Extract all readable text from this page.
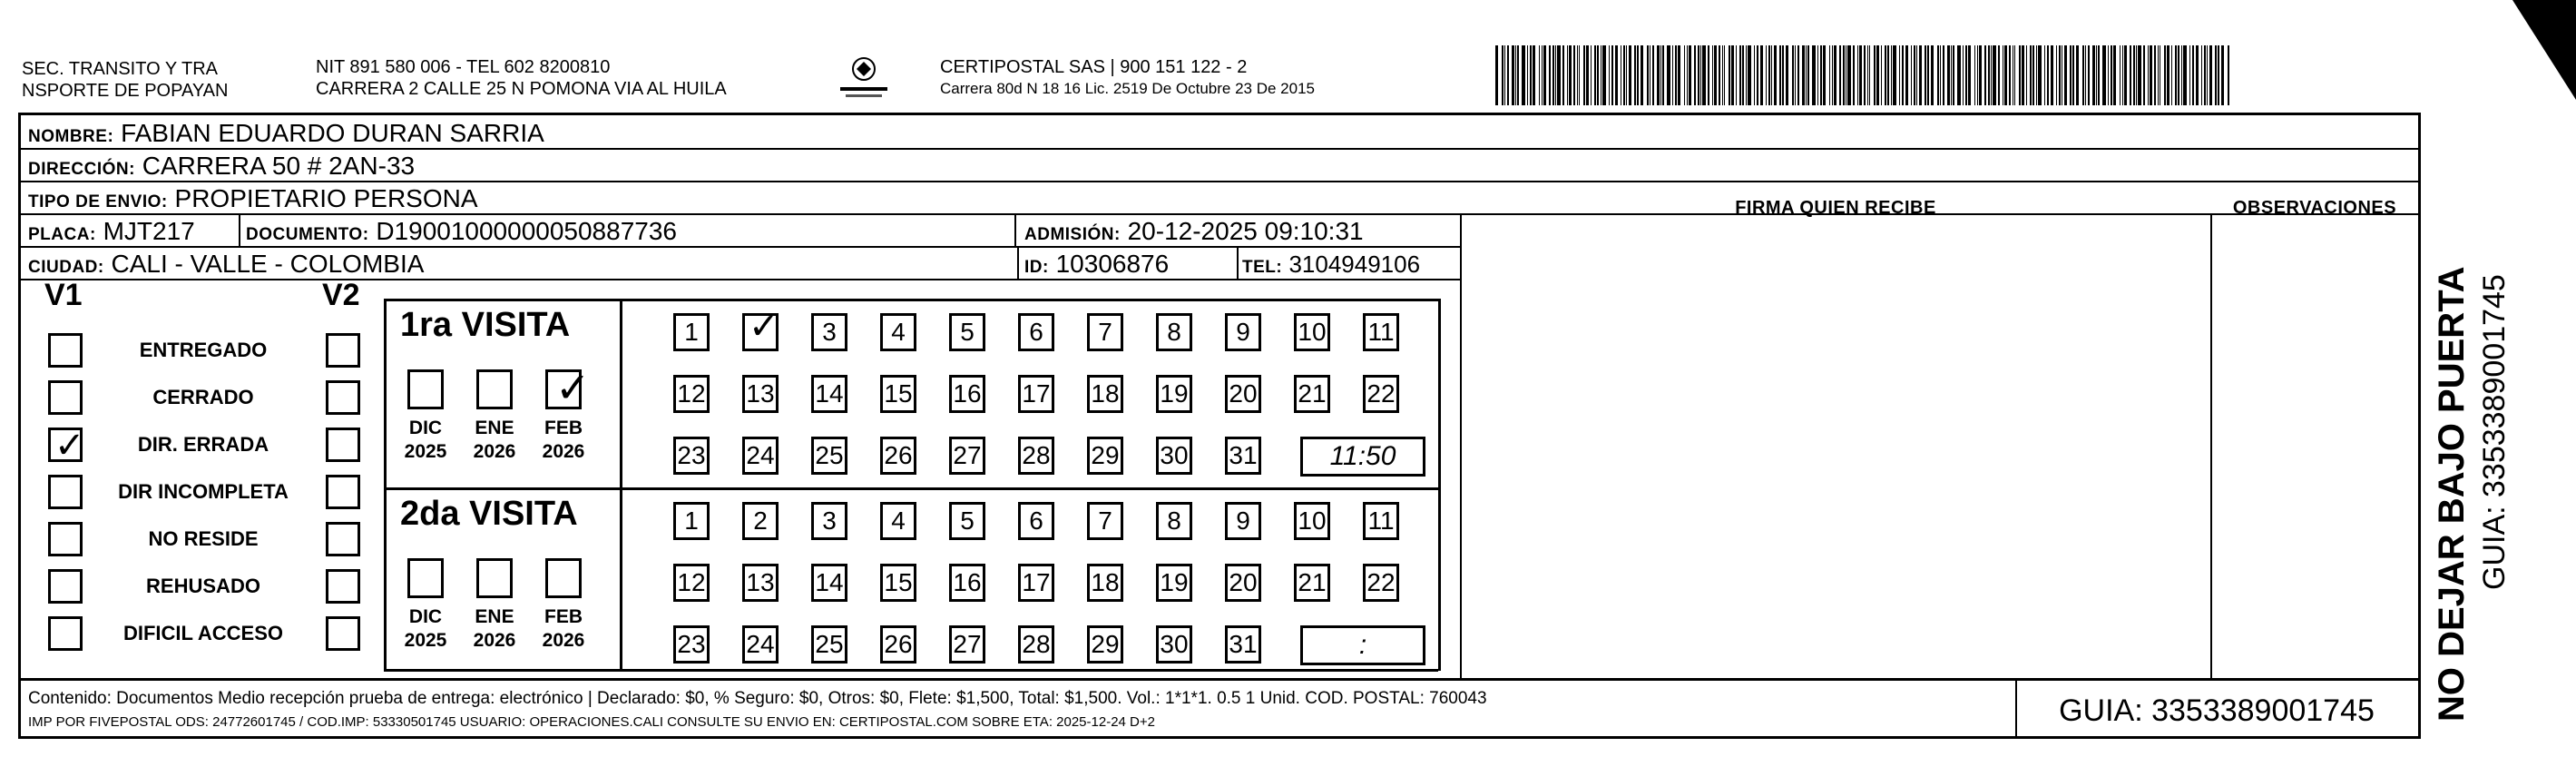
SEC. TRANSITO Y TRA
NSPORTE DE POPAYAN
NIT 891 580 006 - TEL 602 8200810
CARRERA 2 CALLE 25 N POMONA VIA AL HUILA
CERTIPOSTAL SAS | 900 151 122 - 2
Carrera 80d N 18 16 Lic. 2519 De Octubre 23 De 2015
NOMBRE: FABIAN EDUARDO DURAN SARRIA
DIRECCIÓN: CARRERA 50 # 2AN-33
TIPO DE ENVIO: PROPIETARIO PERSONA	FIRMA QUIEN RECIBE	OBSERVACIONES
PLACA: MJT217	DOCUMENTO: D19001000000050887736	ADMISIÓN: 20-12-2025 09:10:31
CIUDAD: CALI - VALLE - COLOMBIA	ID: 10306876	TEL: 3104949106
V1	V2
ENTREGADO
CERRADO
✓
DIR. ERRADA
DIR INCOMPLETA
NO RESIDE
REHUSADO
DIFICIL ACCESO
1ra VISITA
DIC
2025
ENE
2026
✓
FEB
2026
1
✓	3	4	5	6	7	8	9	10 11
12 13 14 15 16 17 18 19 20 21 22
23 24 25 26 27 28 29 30 31	11:50
2da VISITA
DIC
2025
ENE
2026
FEB
2026
1	2	3	4	5	6	7	8	9	10 11
12 13 14 15 16 17 18 19 20 21 22
23 24 25 26 27 28 29 30 31	:
Contenido: Documentos Medio recepción prueba de entrega: electrónico | Declarado: $0, % Seguro: $0, Otros: $0, Flete: $1,500, Total: $1,500. Vol.: 1*1*1. 0.5 1 Unid. COD. POSTAL: 760043
IMP POR FIVEPOSTAL ODS: 24772601745 / COD.IMP: 53330501745 USUARIO: OPERACIONES.CALI CONSULTE SU ENVIO EN: CERTIPOSTAL.COM SOBRE ETA: 2025-12-24 D+2	GUIA: 3353389001745	NO DEJAR BAJO PUERTA GUIA: 3353389001745
